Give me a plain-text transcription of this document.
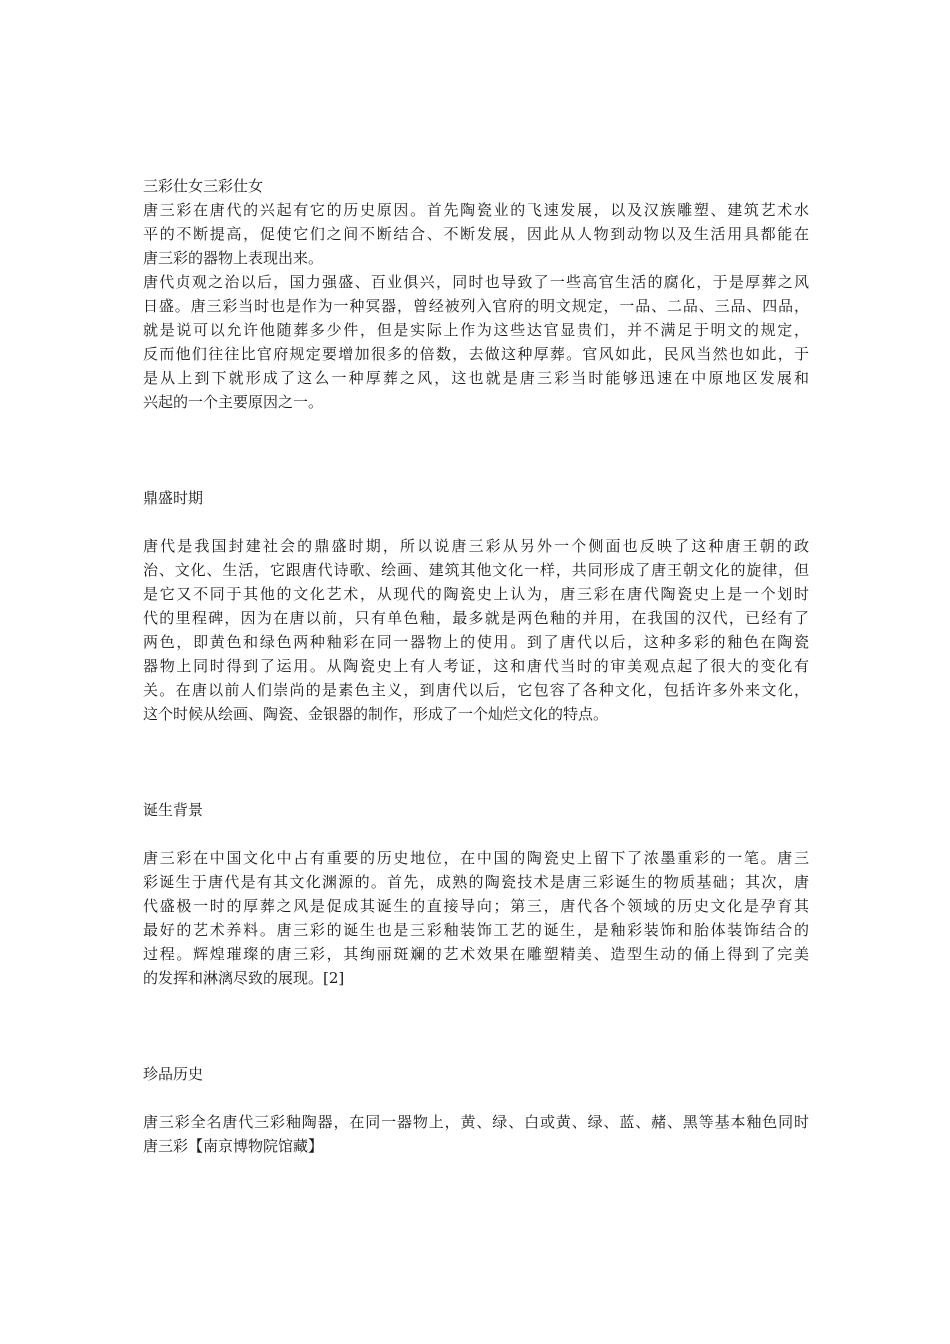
三彩仕女三彩仕女
唐三彩在唐代的兴起有它的历史原因。首先陶瓷业的飞速发展，以及汉族雕塑、建筑艺术水
平的不断提高，促使它们之间不断结合、不断发展，因此从人物到动物以及生活用具都能在
唐三彩的器物上表现出来。
唐代贞观之治以后，国力强盛、百业俱兴，同时也导致了一些高官生活的腐化，于是厚葬之风
日盛。唐三彩当时也是作为一种冥器，曾经被列入官府的明文规定，一品、二品、三品、四品，
就是说可以允许他随葬多少件，但是实际上作为这些达官显贵们，并不满足于明文的规定，
反而他们往往比官府规定要增加很多的倍数，去做这种厚葬。官风如此，民风当然也如此，于
是从上到下就形成了这么一种厚葬之风，这也就是唐三彩当时能够迅速在中原地区发展和
兴起的一个主要原因之一。
鼎盛时期
唐代是我国封建社会的鼎盛时期，所以说唐三彩从另外一个侧面也反映了这种唐王朝的政
治、文化、生活，它跟唐代诗歌、绘画、建筑其他文化一样，共同形成了唐王朝文化的旋律，但
是它又不同于其他的文化艺术，从现代的陶瓷史上认为，唐三彩在唐代陶瓷史上是一个划时
代的里程碑，因为在唐以前，只有单色釉，最多就是两色釉的并用，在我国的汉代，已经有了
两色，即黄色和绿色两种釉彩在同一器物上的使用。到了唐代以后，这种多彩的釉色在陶瓷
器物上同时得到了运用。从陶瓷史上有人考证，这和唐代当时的审美观点起了很大的变化有
关。在唐以前人们崇尚的是素色主义，到唐代以后，它包容了各种文化，包括许多外来文化，
这个时候从绘画、陶瓷、金银器的制作，形成了一个灿烂文化的特点。
诞生背景
唐三彩在中国文化中占有重要的历史地位，在中国的陶瓷史上留下了浓墨重彩的一笔。唐三
彩诞生于唐代是有其文化渊源的。首先，成熟的陶瓷技术是唐三彩诞生的物质基础；其次，唐
代盛极一时的厚葬之风是促成其诞生的直接导向；第三，唐代各个领域的历史文化是孕育其
最好的艺术养料。唐三彩的诞生也是三彩釉装饰工艺的诞生，是釉彩装饰和胎体装饰结合的
过程。辉煌璀璨的唐三彩，其绚丽斑斓的艺术效果在雕塑精美、造型生动的俑上得到了完美
的发挥和淋漓尽致的展现。[2]
珍品历史
唐三彩全名唐代三彩釉陶器，在同一器物上，黄、绿、白或黄、绿、蓝、赭、黑等基本釉色同时
唐三彩【南京博物院馆藏】
